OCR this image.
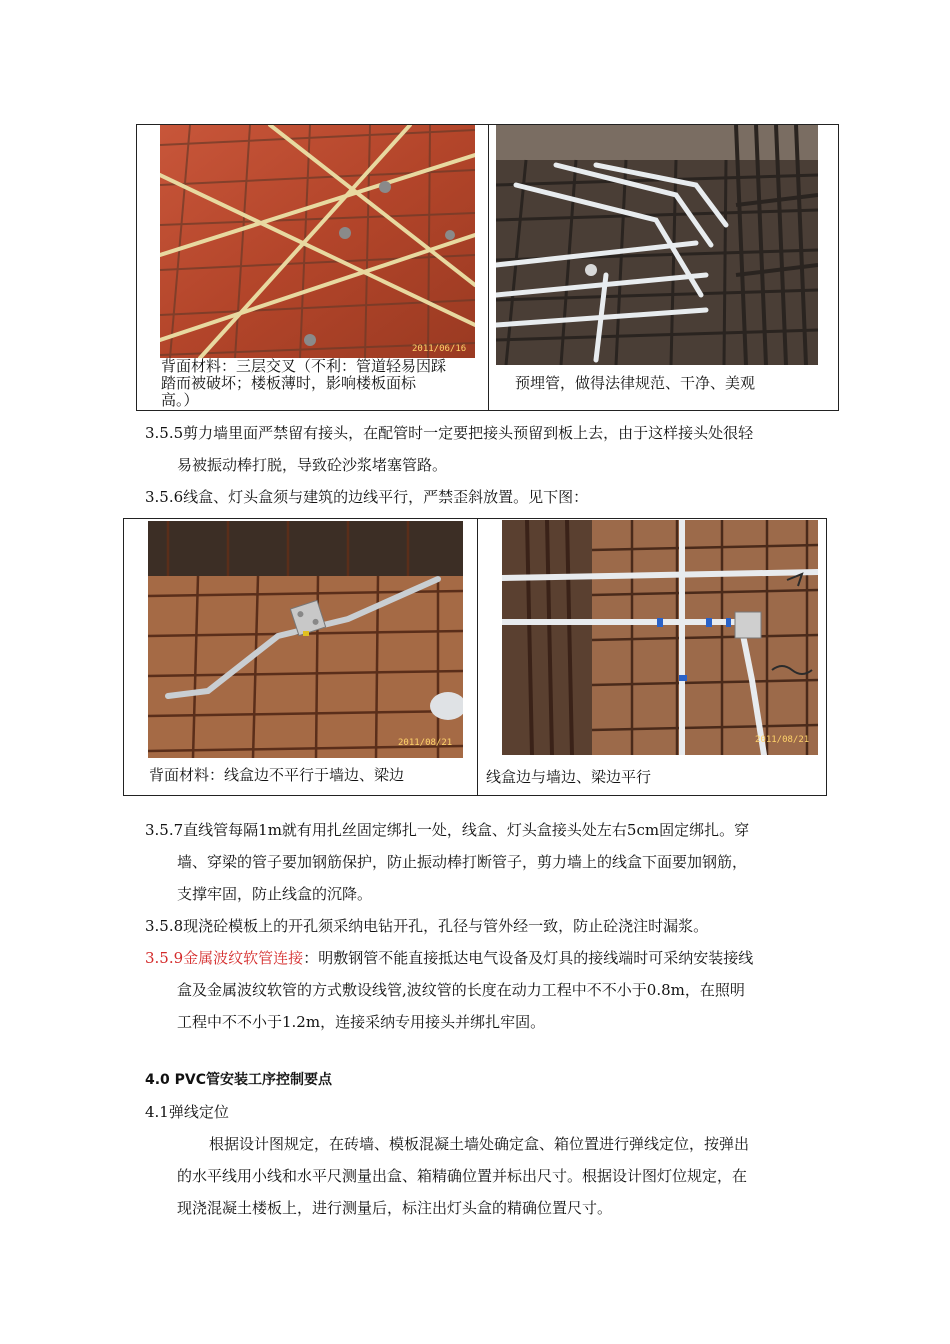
2011/06/16
背面材料：三层交叉（不利：管道轻易因踩
踏而被破坏；楼板薄时，影响楼板面标
高。）
预埋管，做得法律规范、干净、美观
3.5.5剪力墙里面严禁留有接头，在配管时一定要把接头预留到板上去，由于这样接头处很轻
易被振动棒打脱，导致砼沙浆堵塞管路。
3.5.6线盒、灯头盒须与建筑的边线平行，严禁歪斜放置。见下图：
2011/08/21	2011/08/21
背面材料：线盒边不平行于墙边、梁边	线盒边与墙边、梁边平行
3.5.7直线管每隔1m就有用扎丝固定绑扎一处，线盒、灯头盒接头处左右5cm固定绑扎。穿
墙、穿梁的管子要加钢筋保护，防止振动棒打断管子，剪力墙上的线盒下面要加钢筋，
支撑牢固，防止线盒的沉降。
3.5.8现浇砼模板上的开孔须采纳电钻开孔，孔径与管外经一致，防止砼浇注时漏浆。
3.5.9金属波纹软管连接：明敷钢管不能直接抵达电气设备及灯具的接线端时可采纳安装接线
盒及金属波纹软管的方式敷设线管,波纹管的长度在动力工程中不不小于0.8m，在照明
工程中不不小于1.2m，连接采纳专用接头并绑扎牢固。
4.0 PVC管安装工序控制要点
4.1弹线定位
根据设计图规定，在砖墙、模板混凝土墙处确定盒、箱位置进行弹线定位，按弹出
的水平线用小线和水平尺测量出盒、箱精确位置并标出尺寸。根据设计图灯位规定，在
现浇混凝土楼板上，进行测量后，标注出灯头盒的精确位置尺寸。
